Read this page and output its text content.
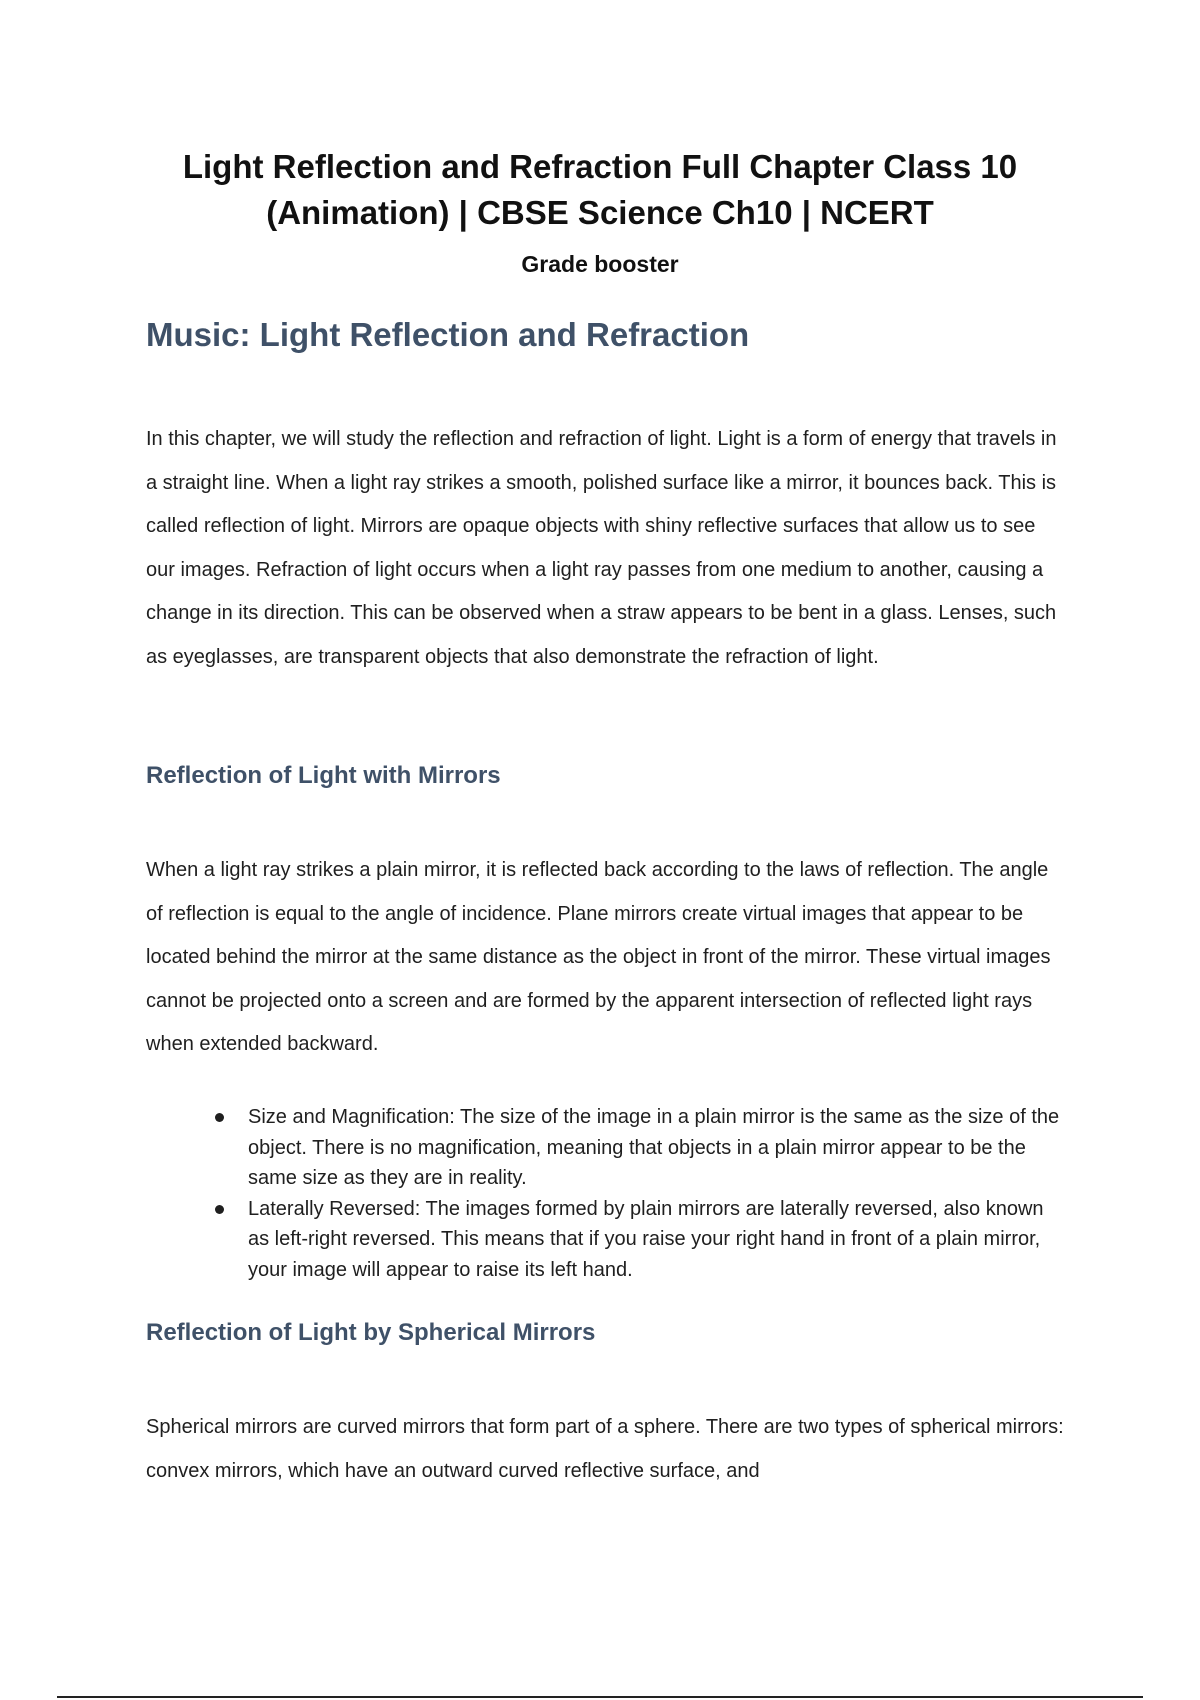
Light Reflection and Refraction Full Chapter Class 10 (Animation) | CBSE Science Ch10 | NCERT

Grade booster

Music: Light Reflection and Refraction

In this chapter, we will study the reflection and refraction of light. Light is a form of energy that travels in a straight line. When a light ray strikes a smooth, polished surface like a mirror, it bounces back. This is called reflection of light. Mirrors are opaque objects with shiny reflective surfaces that allow us to see our images. Refraction of light occurs when a light ray passes from one medium to another, causing a change in its direction. This can be observed when a straw appears to be bent in a glass. Lenses, such as eyeglasses, are transparent objects that also demonstrate the refraction of light.

Reflection of Light with Mirrors

When a light ray strikes a plain mirror, it is reflected back according to the laws of reflection. The angle of reflection is equal to the angle of incidence. Plane mirrors create virtual images that appear to be located behind the mirror at the same distance as the object in front of the mirror. These virtual images cannot be projected onto a screen and are formed by the apparent intersection of reflected light rays when extended backward.

Size and Magnification: The size of the image in a plain mirror is the same as the size of the object. There is no magnification, meaning that objects in a plain mirror appear to be the same size as they are in reality.
Laterally Reversed: The images formed by plain mirrors are laterally reversed, also known as left-right reversed. This means that if you raise your right hand in front of a plain mirror, your image will appear to raise its left hand.
Reflection of Light by Spherical Mirrors

Spherical mirrors are curved mirrors that form part of a sphere. There are two types of spherical mirrors: convex mirrors, which have an outward curved reflective surface, and
